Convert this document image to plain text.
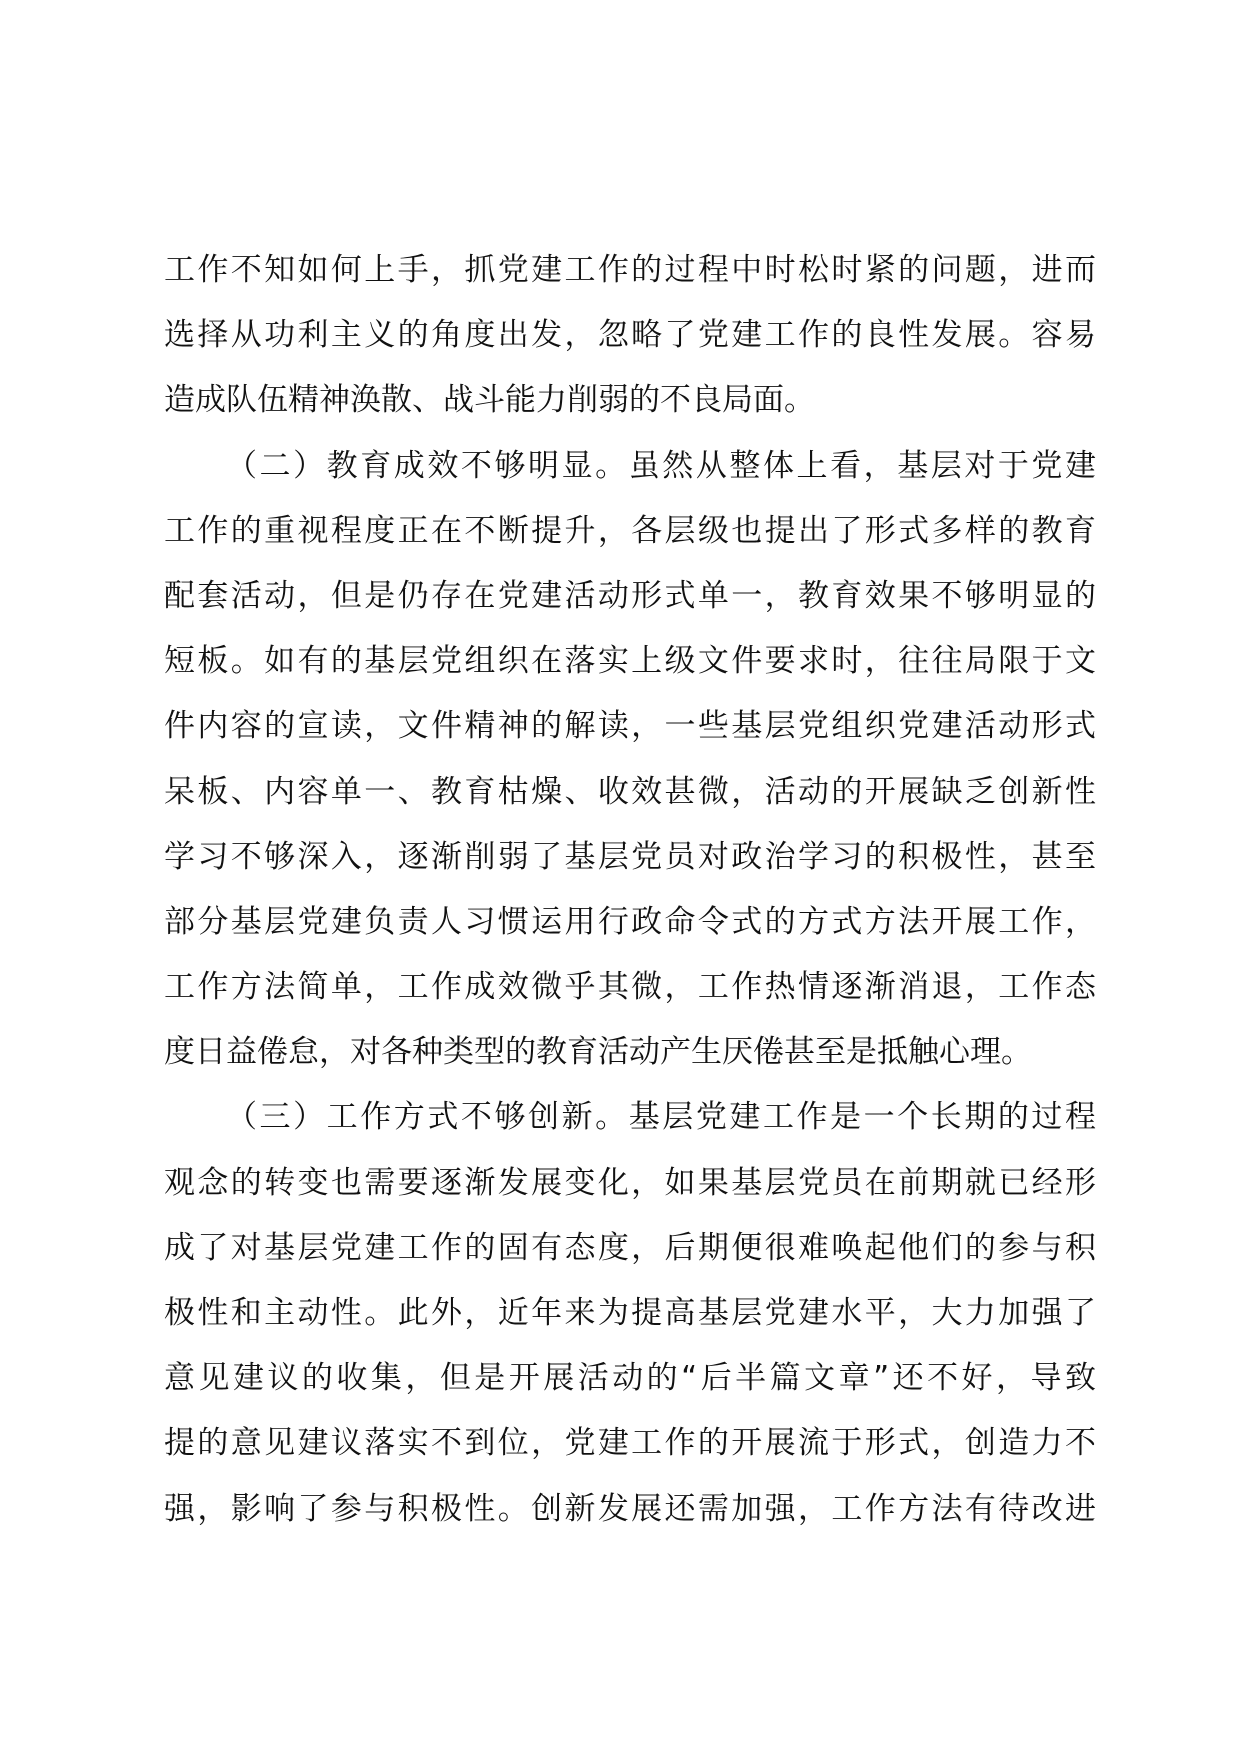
工作不知如何上手，抓党建工作的过程中时松时紧的问题，进而
选择从功利主义的角度出发，忽略了党建工作的良性发展。容易
造成队伍精神涣散、战斗能力削弱的不良局面。
（二）教育成效不够明显。虽然从整体上看，基层对于党建
工作的重视程度正在不断提升，各层级也提出了形式多样的教育
配套活动，但是仍存在党建活动形式单一，教育效果不够明显的
短板。如有的基层党组织在落实上级文件要求时，往往局限于文
件内容的宣读，文件精神的解读，一些基层党组织党建活动形式
呆板、内容单一、教育枯燥、收效甚微，活动的开展缺乏创新性
学习不够深入，逐渐削弱了基层党员对政治学习的积极性，甚至
部分基层党建负责人习惯运用行政命令式的方式方法开展工作，
工作方法简单，工作成效微乎其微，工作热情逐渐消退，工作态
度日益倦怠，对各种类型的教育活动产生厌倦甚至是抵触心理。
（三）工作方式不够创新。基层党建工作是一个长期的过程
观念的转变也需要逐渐发展变化，如果基层党员在前期就已经形
成了对基层党建工作的固有态度，后期便很难唤起他们的参与积
极性和主动性。此外，近年来为提高基层党建水平，大力加强了
意见建议的收集，但是开展活动的“后半篇文章”还不好，导致
提的意见建议落实不到位，党建工作的开展流于形式，创造力不
强，影响了参与积极性。创新发展还需加强，工作方法有待改进
